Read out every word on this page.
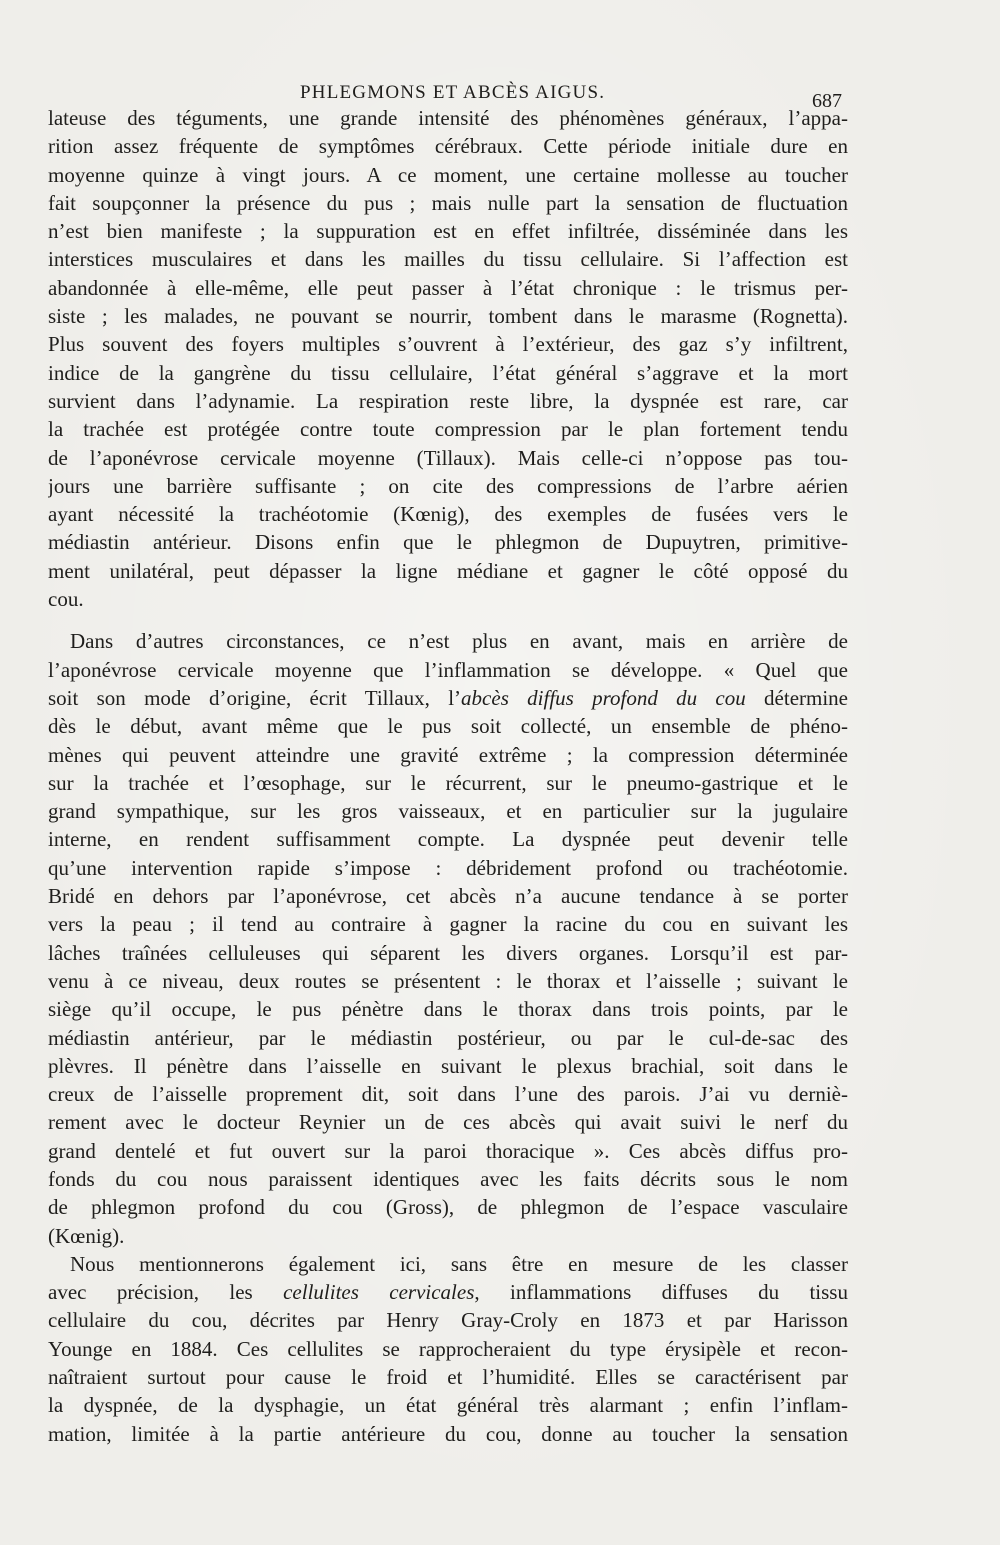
PHLEGMONS ET ABCÈS AIGUS.	687
lateuse des téguments, une grande intensité des phénomènes généraux, l’appa-
rition assez fréquente de symptômes cérébraux. Cette période initiale dure en
moyenne quinze à vingt jours. A ce moment, une certaine mollesse au toucher
fait soupçonner la présence du pus ; mais nulle part la sensation de fluctuation
n’est bien manifeste ; la suppuration est en effet infiltrée, disséminée dans les
interstices musculaires et dans les mailles du tissu cellulaire. Si l’affection est
abandonnée à elle-même, elle peut passer à l’état chronique : le trismus per-
siste ; les malades, ne pouvant se nourrir, tombent dans le marasme (Rognetta).
Plus souvent des foyers multiples s’ouvrent à l’extérieur, des gaz s’y infiltrent,
indice de la gangrène du tissu cellulaire, l’état général s’aggrave et la mort
survient dans l’adynamie. La respiration reste libre, la dyspnée est rare, car
la trachée est protégée contre toute compression par le plan fortement tendu
de l’aponévrose cervicale moyenne (Tillaux). Mais celle-ci n’oppose pas tou-
jours une barrière suffisante ; on cite des compressions de l’arbre aérien
ayant nécessité la trachéotomie (Kœnig), des exemples de fusées vers le
médiastin antérieur. Disons enfin que le phlegmon de Dupuytren, primitive-
ment unilatéral, peut dépasser la ligne médiane et gagner le côté opposé du
cou.
Dans d’autres circonstances, ce n’est plus en avant, mais en arrière de
l’aponévrose cervicale moyenne que l’inflammation se développe. « Quel que
soit son mode d’origine, écrit Tillaux, l’abcès diffus profond du cou détermine
dès le début, avant même que le pus soit collecté, un ensemble de phéno-
mènes qui peuvent atteindre une gravité extrême ; la compression déterminée
sur la trachée et l’œsophage, sur le récurrent, sur le pneumo-gastrique et le
grand sympathique, sur les gros vaisseaux, et en particulier sur la jugulaire
interne, en rendent suffisamment compte. La dyspnée peut devenir telle
qu’une intervention rapide s’impose : débridement profond ou trachéotomie.
Bridé en dehors par l’aponévrose, cet abcès n’a aucune tendance à se porter
vers la peau ; il tend au contraire à gagner la racine du cou en suivant les
lâches traînées celluleuses qui séparent les divers organes. Lorsqu’il est par-
venu à ce niveau, deux routes se présentent : le thorax et l’aisselle ; suivant le
siège qu’il occupe, le pus pénètre dans le thorax dans trois points, par le
médiastin antérieur, par le médiastin postérieur, ou par le cul-de-sac des
plèvres. Il pénètre dans l’aisselle en suivant le plexus brachial, soit dans le
creux de l’aisselle proprement dit, soit dans l’une des parois. J’ai vu derniè-
rement avec le docteur Reynier un de ces abcès qui avait suivi le nerf du
grand dentelé et fut ouvert sur la paroi thoracique ». Ces abcès diffus pro-
fonds du cou nous paraissent identiques avec les faits décrits sous le nom
de phlegmon profond du cou (Gross), de phlegmon de l’espace vasculaire
(Kœnig).
Nous mentionnerons également ici, sans être en mesure de les classer
avec précision, les cellulites cervicales, inflammations diffuses du tissu
cellulaire du cou, décrites par Henry Gray-Croly en 1873 et par Harisson
Younge en 1884. Ces cellulites se rapprocheraient du type érysipèle et recon-
naîtraient surtout pour cause le froid et l’humidité. Elles se caractérisent par
la dyspnée, de la dysphagie, un état général très alarmant ; enfin l’inflam-
mation, limitée à la partie antérieure du cou, donne au toucher la sensation
